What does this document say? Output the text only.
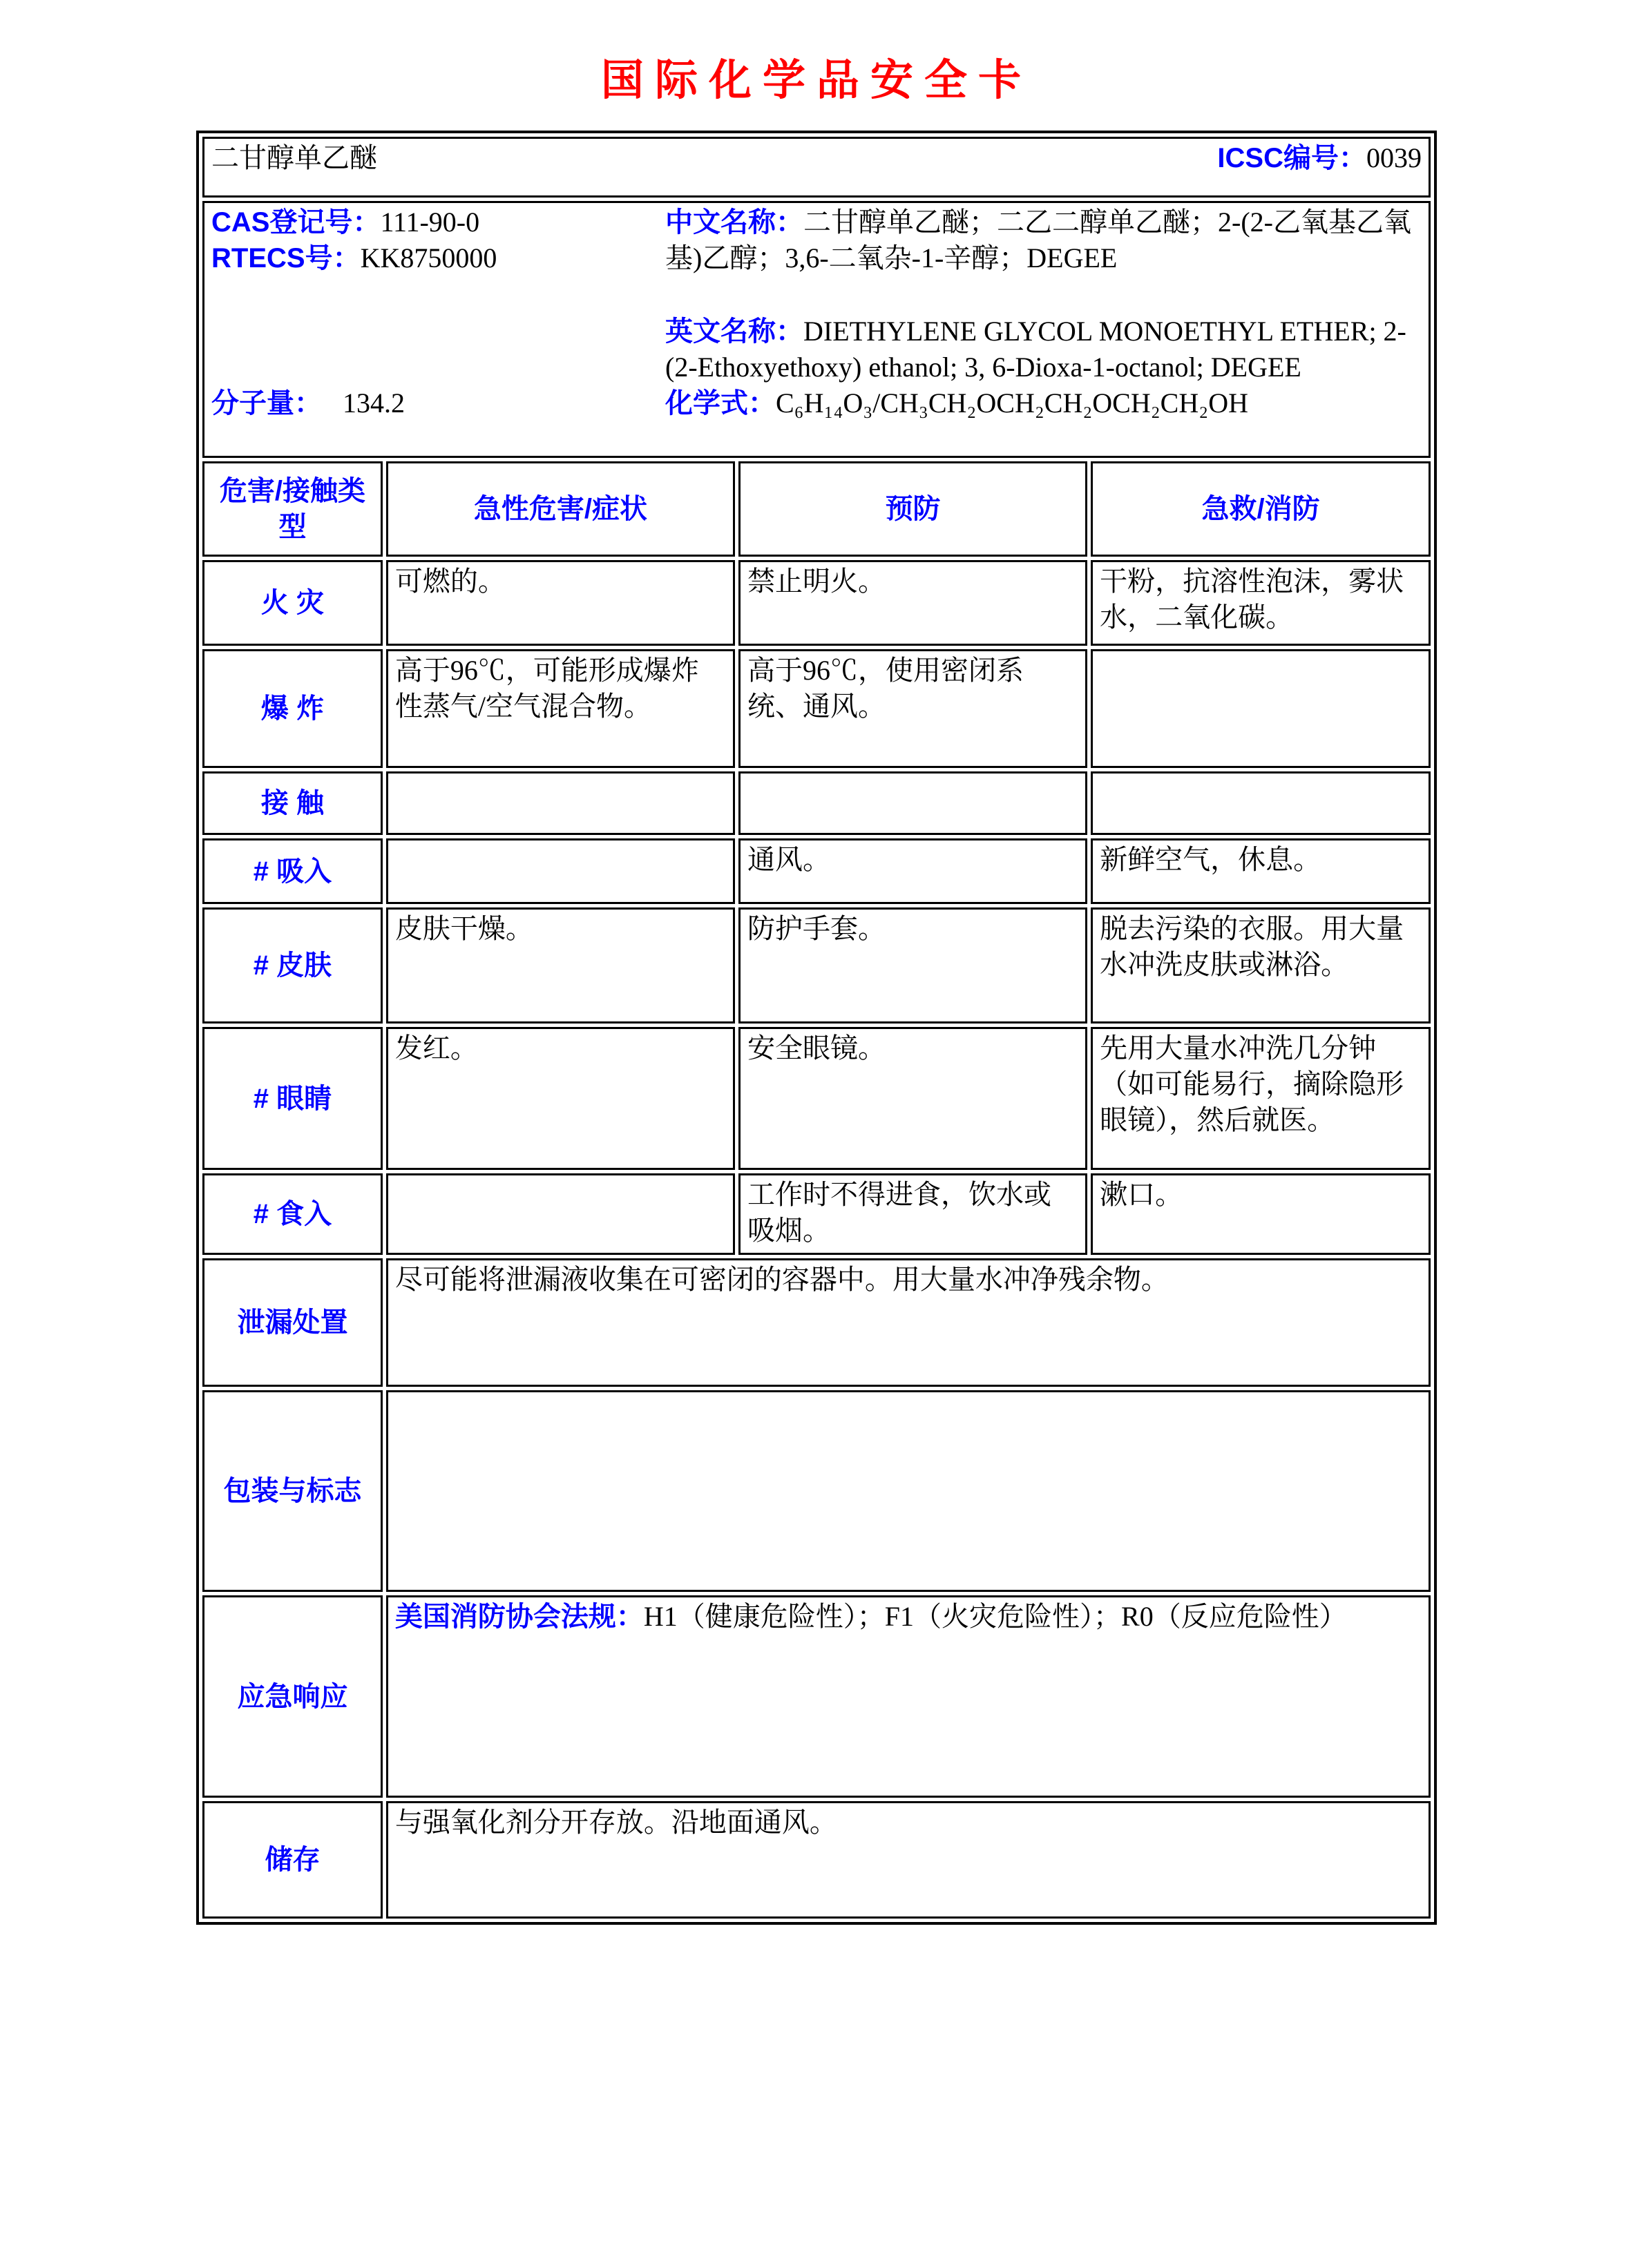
国际化学品安全卡
二甘醇单乙醚 ICSC编号：0039			

CAS登记号：111-90-0
RTECS号：KK8750000
分子量： 134.2

中文名称：二甘醇单乙醚；二乙二醇单乙醚；2-(2-乙氧基乙氧基)乙醇；3,6-二氧杂-1-辛醇；DEGEE

英文名称：DIETHYLENE GLYCOL MONOETHYL ETHER; 2-(2-Ethoxyethoxy) ethanol; 3, 6-Dioxa-1-octanol; DEGEE

化学式：C₆H₁₄O₃/CH₃CH₂OCH₂CH₂OCH₂CH₂OH

危害/接触类型	急性危害/症状	预防	急救/消防
火 灾	可燃的。	禁止明火。	干粉，抗溶性泡沫，雾状水，二氧化碳。
爆 炸	高于96℃，可能形成爆炸性蒸气/空气混合物。	高于96℃，使用密闭系统、通风。	
接 触			
# 吸入		通风。	新鲜空气，休息。
# 皮肤	皮肤干燥。	防护手套。	脱去污染的衣服。用大量水冲洗皮肤或淋浴。
# 眼睛	发红。	安全眼镜。	先用大量水冲洗几分钟（如可能易行，摘除隐形眼镜），然后就医。
# 食入		工作时不得进食，饮水或吸烟。	漱口。
泄漏处置	尽可能将泄漏液收集在可密闭的容器中。用大量水冲净残余物。		
包装与标志			
应急响应	美国消防协会法规：H1（健康危险性）；F1（火灾危险性）；R0（反应危险性）		
储存	与强氧化剂分开存放。沿地面通风。		
